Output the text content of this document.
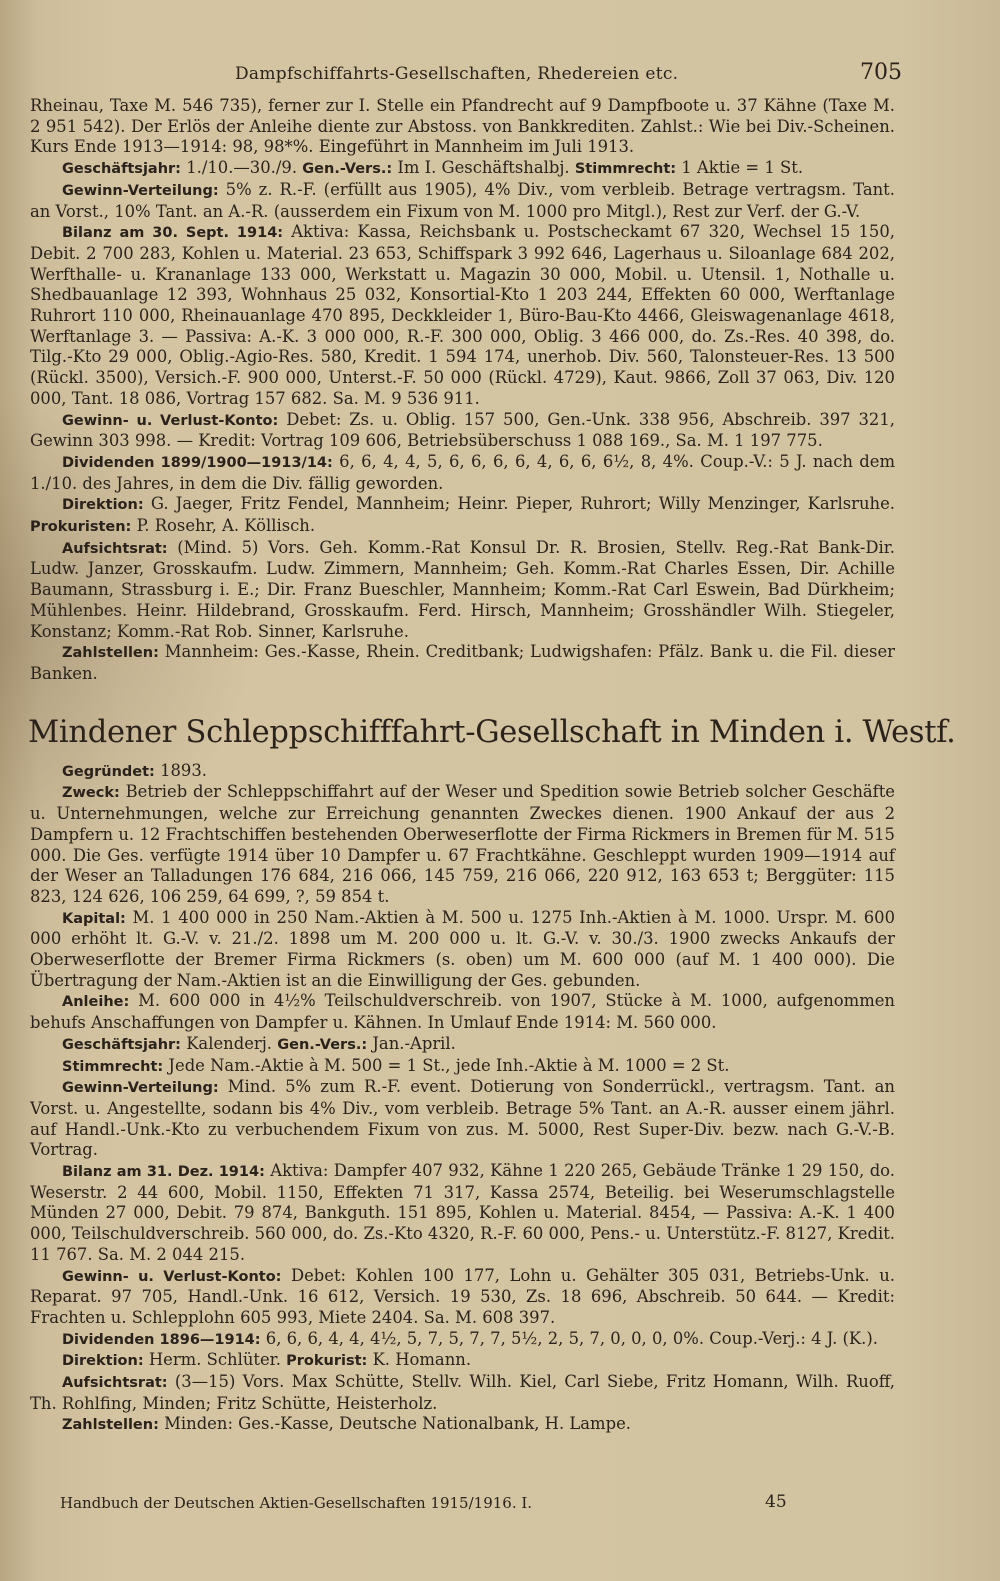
Dampfschiffahrts-Gesellschaften, Rhedereien etc.	705

Rheinau, Taxe M. 546 735), ferner zur I. Stelle ein Pfandrecht auf 9 Dampfboote u. 37 Kähne (Taxe M. 2 951 542). Der Erlös der Anleihe diente zur Abstoss. von Bankkrediten. Zahlst.: Wie bei Div.-Scheinen. Kurs Ende 1913—1914: 98, 98*%. Eingeführt in Mannheim im Juli 1913.

Geschäftsjahr: 1./10.—30./9. Gen.-Vers.: Im I. Geschäftshalbj. Stimmrecht: 1 Aktie = 1 St.

Gewinn-Verteilung: 5% z. R.-F. (erfüllt aus 1905), 4% Div., vom verbleib. Betrage vertragsm. Tant. an Vorst., 10% Tant. an A.-R. (ausserdem ein Fixum von M. 1000 pro Mitgl.), Rest zur Verf. der G.-V.

Bilanz am 30. Sept. 1914: Aktiva: Kassa, Reichsbank u. Postscheckamt 67 320, Wechsel 15 150, Debit. 2 700 283, Kohlen u. Material. 23 653, Schiffspark 3 992 646, Lagerhaus u. Siloanlage 684 202, Werfthalle- u. Krananlage 133 000, Werkstatt u. Magazin 30 000, Mobil. u. Utensil. 1, Nothalle u. Shedbauanlage 12 393, Wohnhaus 25 032, Konsortial-Kto 1 203 244, Effekten 60 000, Werftanlage Ruhrort 110 000, Rheinauanlage 470 895, Deckkleider 1, Büro-Bau-Kto 4466, Gleiswagenanlage 4618, Werftanlage 3. — Passiva: A.-K. 3 000 000, R.-F. 300 000, Oblig. 3 466 000, do. Zs.-Res. 40 398, do. Tilg.-Kto 29 000, Oblig.-Agio-Res. 580, Kredit. 1 594 174, unerhob. Div. 560, Talonsteuer-Res. 13 500 (Rückl. 3500), Versich.-F. 900 000, Unterst.-F. 50 000 (Rückl. 4729), Kaut. 9866, Zoll 37 063, Div. 120 000, Tant. 18 086, Vortrag 157 682. Sa. M. 9 536 911.

Gewinn- u. Verlust-Konto: Debet: Zs. u. Oblig. 157 500, Gen.-Unk. 338 956, Abschreib. 397 321, Gewinn 303 998. — Kredit: Vortrag 109 606, Betriebsüberschuss 1 088 169., Sa. M. 1 197 775.

Dividenden 1899/1900—1913/14: 6, 6, 4, 4, 5, 6, 6, 6, 6, 4, 6, 6, 6½, 8, 4%. Coup.-V.: 5 J. nach dem 1./10. des Jahres, in dem die Div. fällig geworden.

Direktion: G. Jaeger, Fritz Fendel, Mannheim; Heinr. Pieper, Ruhrort; Willy Menzinger, Karlsruhe. Prokuristen: P. Rosehr, A. Köllisch.

Aufsichtsrat: (Mind. 5) Vors. Geh. Komm.-Rat Konsul Dr. R. Brosien, Stellv. Reg.-Rat Bank-Dir. Ludw. Janzer, Grosskaufm. Ludw. Zimmern, Mannheim; Geh. Komm.-Rat Charles Essen, Dir. Achille Baumann, Strassburg i. E.; Dir. Franz Bueschler, Mannheim; Komm.-Rat Carl Eswein, Bad Dürkheim; Mühlenbes. Heinr. Hildebrand, Grosskaufm. Ferd. Hirsch, Mannheim; Grosshändler Wilh. Stiegeler, Konstanz; Komm.-Rat Rob. Sinner, Karlsruhe.

Zahlstellen: Mannheim: Ges.-Kasse, Rhein. Creditbank; Ludwigshafen: Pfälz. Bank u. die Fil. dieser Banken.

Mindener Schleppschifffahrt-Gesellschaft in Minden i. Westf.

Gegründet: 1893.

Zweck: Betrieb der Schleppschiffahrt auf der Weser und Spedition sowie Betrieb solcher Geschäfte u. Unternehmungen, welche zur Erreichung genannten Zweckes dienen. 1900 Ankauf der aus 2 Dampfern u. 12 Frachtschiffen bestehenden Oberweserflotte der Firma Rickmers in Bremen für M. 515 000. Die Ges. verfügte 1914 über 10 Dampfer u. 67 Frachtkähne. Geschleppt wurden 1909—1914 auf der Weser an Talladungen 176 684, 216 066, 145 759, 216 066, 220 912, 163 653 t; Berggüter: 115 823, 124 626, 106 259, 64 699, ?, 59 854 t.

Kapital: M. 1 400 000 in 250 Nam.-Aktien à M. 500 u. 1275 Inh.-Aktien à M. 1000. Urspr. M. 600 000 erhöht lt. G.-V. v. 21./2. 1898 um M. 200 000 u. lt. G.-V. v. 30./3. 1900 zwecks Ankaufs der Oberweserflotte der Bremer Firma Rickmers (s. oben) um M. 600 000 (auf M. 1 400 000). Die Übertragung der Nam.-Aktien ist an die Einwilligung der Ges. gebunden.

Anleihe: M. 600 000 in 4½% Teilschuldverschreib. von 1907, Stücke à M. 1000, aufgenommen behufs Anschaffungen von Dampfer u. Kähnen. In Umlauf Ende 1914: M. 560 000.

Geschäftsjahr: Kalenderj. Gen.-Vers.: Jan.-April.

Stimmrecht: Jede Nam.-Aktie à M. 500 = 1 St., jede Inh.-Aktie à M. 1000 = 2 St.

Gewinn-Verteilung: Mind. 5% zum R.-F. event. Dotierung von Sonderrückl., vertragsm. Tant. an Vorst. u. Angestellte, sodann bis 4% Div., vom verbleib. Betrage 5% Tant. an A.-R. ausser einem jährl. auf Handl.-Unk.-Kto zu verbuchendem Fixum von zus. M. 5000, Rest Super-Div. bezw. nach G.-V.-B. Vortrag.

Bilanz am 31. Dez. 1914: Aktiva: Dampfer 407 932, Kähne 1 220 265, Gebäude Tränke 1 29 150, do. Weserstr. 2 44 600, Mobil. 1150, Effekten 71 317, Kassa 2574, Beteilig. bei Weserumschlagstelle Münden 27 000, Debit. 79 874, Bankguth. 151 895, Kohlen u. Material. 8454, — Passiva: A.-K. 1 400 000, Teilschuldverschreib. 560 000, do. Zs.-Kto 4320, R.-F. 60 000, Pens.- u. Unterstütz.-F. 8127, Kredit. 11 767. Sa. M. 2 044 215.

Gewinn- u. Verlust-Konto: Debet: Kohlen 100 177, Lohn u. Gehälter 305 031, Betriebs-Unk. u. Reparat. 97 705, Handl.-Unk. 16 612, Versich. 19 530, Zs. 18 696, Abschreib. 50 644. — Kredit: Frachten u. Schlepplohn 605 993, Miete 2404. Sa. M. 608 397.

Dividenden 1896—1914: 6, 6, 6, 4, 4, 4½, 5, 7, 5, 7, 7, 5½, 2, 5, 7, 0, 0, 0, 0%. Coup.-Verj.: 4 J. (K.).

Direktion: Herm. Schlüter. Prokurist: K. Homann.

Aufsichtsrat: (3—15) Vors. Max Schütte, Stellv. Wilh. Kiel, Carl Siebe, Fritz Homann, Wilh. Ruoff, Th. Rohlfing, Minden; Fritz Schütte, Heisterholz.

Zahlstellen: Minden: Ges.-Kasse, Deutsche Nationalbank, H. Lampe.

Handbuch der Deutschen Aktien-Gesellschaften 1915/1916. I.	45
